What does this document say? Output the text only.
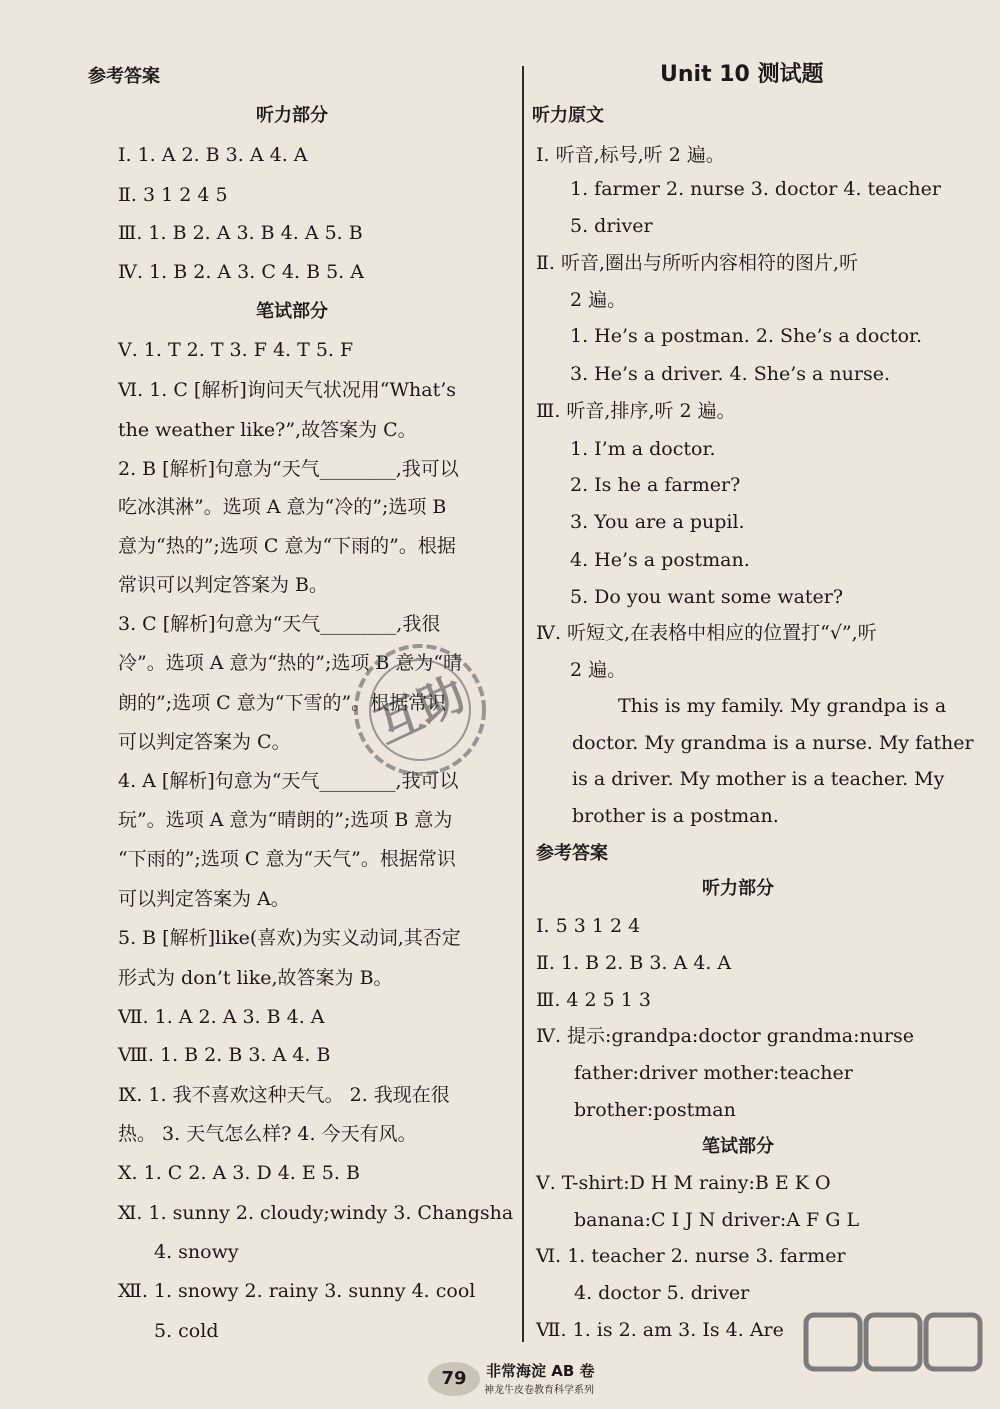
参考答案
听力部分
Ⅰ. 1. A 2. B 3. A 4. A
Ⅱ. 3 1 2 4 5
Ⅲ. 1. B 2. A 3. B 4. A 5. B
Ⅳ. 1. B 2. A 3. C 4. B 5. A
笔试部分
Ⅴ. 1. T 2. T 3. F 4. T 5. F
Ⅵ. 1. C [解析]询问天气状况用“What’s
the weather like?”,故答案为 C。
2. B [解析]句意为“天气________,我可以
吃冰淇淋”。选项 A 意为“冷的”;选项 B
意为“热的”;选项 C 意为“下雨的”。根据
常识可以判定答案为 B。
3. C [解析]句意为“天气________,我很
冷”。选项 A 意为“热的”;选项 B 意为“晴
朗的”;选项 C 意为“下雪的”。根据常识
可以判定答案为 C。
4. A [解析]句意为“天气________,我可以
玩”。选项 A 意为“晴朗的”;选项 B 意为
“下雨的”;选项 C 意为“天气”。根据常识
可以判定答案为 A。
5. B [解析]like(喜欢)为实义动词,其否定
形式为 don’t like,故答案为 B。
Ⅶ. 1. A 2. A 3. B 4. A
Ⅷ. 1. B 2. B 3. A 4. B
Ⅸ. 1. 我不喜欢这种天气。 2. 我现在很
热。 3. 天气怎么样? 4. 今天有风。
Ⅹ. 1. C 2. A 3. D 4. E 5. B
Ⅺ. 1. sunny 2. cloudy;windy 3. Changsha
4. snowy
Ⅻ. 1. snowy 2. rainy 3. sunny 4. cool
5. cold
Unit 10 测试题
听力原文
Ⅰ. 听音,标号,听 2 遍。
1. farmer 2. nurse 3. doctor 4. teacher
5. driver
Ⅱ. 听音,圈出与所听内容相符的图片,听
2 遍。
1. He’s a postman. 2. She’s a doctor.
3. He’s a driver. 4. She’s a nurse.
Ⅲ. 听音,排序,听 2 遍。
1. I’m a doctor.
2. Is he a farmer?
3. You are a pupil.
4. He’s a postman.
5. Do you want some water?
Ⅳ. 听短文,在表格中相应的位置打“√”,听
2 遍。
This is my family. My grandpa is a
doctor. My grandma is a nurse. My father
is a driver. My mother is a teacher. My
brother is a postman.
参考答案
听力部分
Ⅰ. 5 3 1 2 4
Ⅱ. 1. B 2. B 3. A 4. A
Ⅲ. 4 2 5 1 3
Ⅳ. 提示:grandpa:doctor grandma:nurse
father:driver mother:teacher
brother:postman
笔试部分
Ⅴ. T-shirt:D H M rainy:B E K O
banana:C I J N driver:A F G L
Ⅵ. 1. teacher 2. nurse 3. farmer
4. doctor 5. driver
Ⅶ. 1. is 2. am 3. Is 4. Are
互助
79	非常海淀 AB 卷
神龙牛皮卷教育科学系列
